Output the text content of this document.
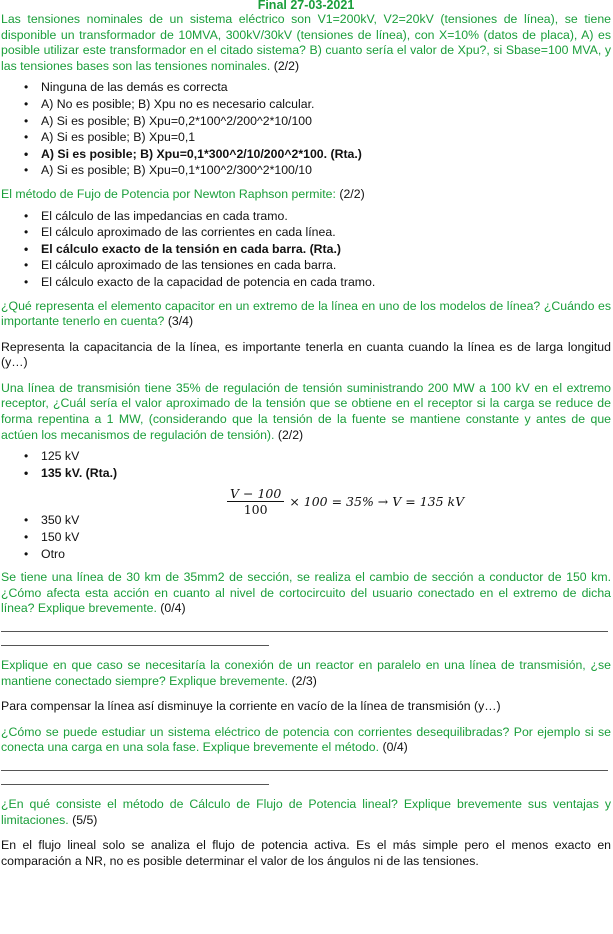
Final 27-03-2021
Las tensiones nominales de un sistema eléctrico son V1=200kV, V2=20kV (tensiones de línea), se tiene disponible un transformador de 10MVA, 300kV/30kV (tensiones de línea), con X=10% (datos de placa), A) es posible utilizar este transformador en el citado sistema? B) cuanto sería el valor de Xpu?, si Sbase=100 MVA, y las tensiones bases son las tensiones nominales. (2/2)
• Ninguna de las demás es correcta
• A) No es posible; B) Xpu no es necesario calcular.
• A) Si es posible; B) Xpu=0,2*100^2/200^2*10/100
• A) Si es posible; B) Xpu=0,1
• A) Si es posible; B) Xpu=0,1*300^2/10/200^2*100. (Rta.)
• A) Si es posible; B) Xpu=0,1*100^2/300^2*100/10
El método de Fujo de Potencia por Newton Raphson permite: (2/2)
• El cálculo de las impedancias en cada tramo.
• El cálculo aproximado de las corrientes en cada línea.
• El cálculo exacto de la tensión en cada barra. (Rta.)
• El cálculo aproximado de las tensiones en cada barra.
• El cálculo exacto de la capacidad de potencia en cada tramo.
¿Qué representa el elemento capacitor en un extremo de la línea en uno de los modelos de línea? ¿Cuándo es importante tenerlo en cuenta? (3/4)
Representa la capacitancia de la línea, es importante tenerla en cuanta cuando la línea es de larga longitud (y…)
Una línea de transmisión tiene 35% de regulación de tensión suministrando 200 MW a 100 kV en el extremo receptor, ¿Cuál sería el valor aproximado de la tensión que se obtiene en el receptor si la carga se reduce de forma repentina a 1 MW, (considerando que la tensión de la fuente se mantiene constante y antes de que actúen los mecanismos de regulación de tensión). (2/2)
• 125 kV
• 135 kV. (Rta.)
$\frac{V - 100}{100} \times 100 = 35\% \to V = 135$ kV
• 350 kV
• 150 kV
• Otro
Se tiene una línea de 30 km de 35mm2 de sección, se realiza el cambio de sección a conductor de 150 km. ¿Cómo afecta esta acción en cuanto al nivel de cortocircuito del usuario conectado en el extremo de dicha línea? Explique brevemente. (0/4)
Explique en que caso se necesitaría la conexión de un reactor en paralelo en una línea de transmisión, ¿se mantiene conectado siempre? Explique brevemente. (2/3)
Para compensar la línea así disminuye la corriente en vacío de la línea de transmisión (y…)
¿Cómo se puede estudiar un sistema eléctrico de potencia con corrientes desequilibradas? Por ejemplo si se conecta una carga en una sola fase. Explique brevemente el método. (0/4)
¿En qué consiste el método de Cálculo de Flujo de Potencia lineal? Explique brevemente sus ventajas y limitaciones. (5/5)
En el flujo lineal solo se analiza el flujo de potencia activa. Es el más simple pero el menos exacto en comparación a NR, no es posible determinar el valor de los ángulos ni de las tensiones.
